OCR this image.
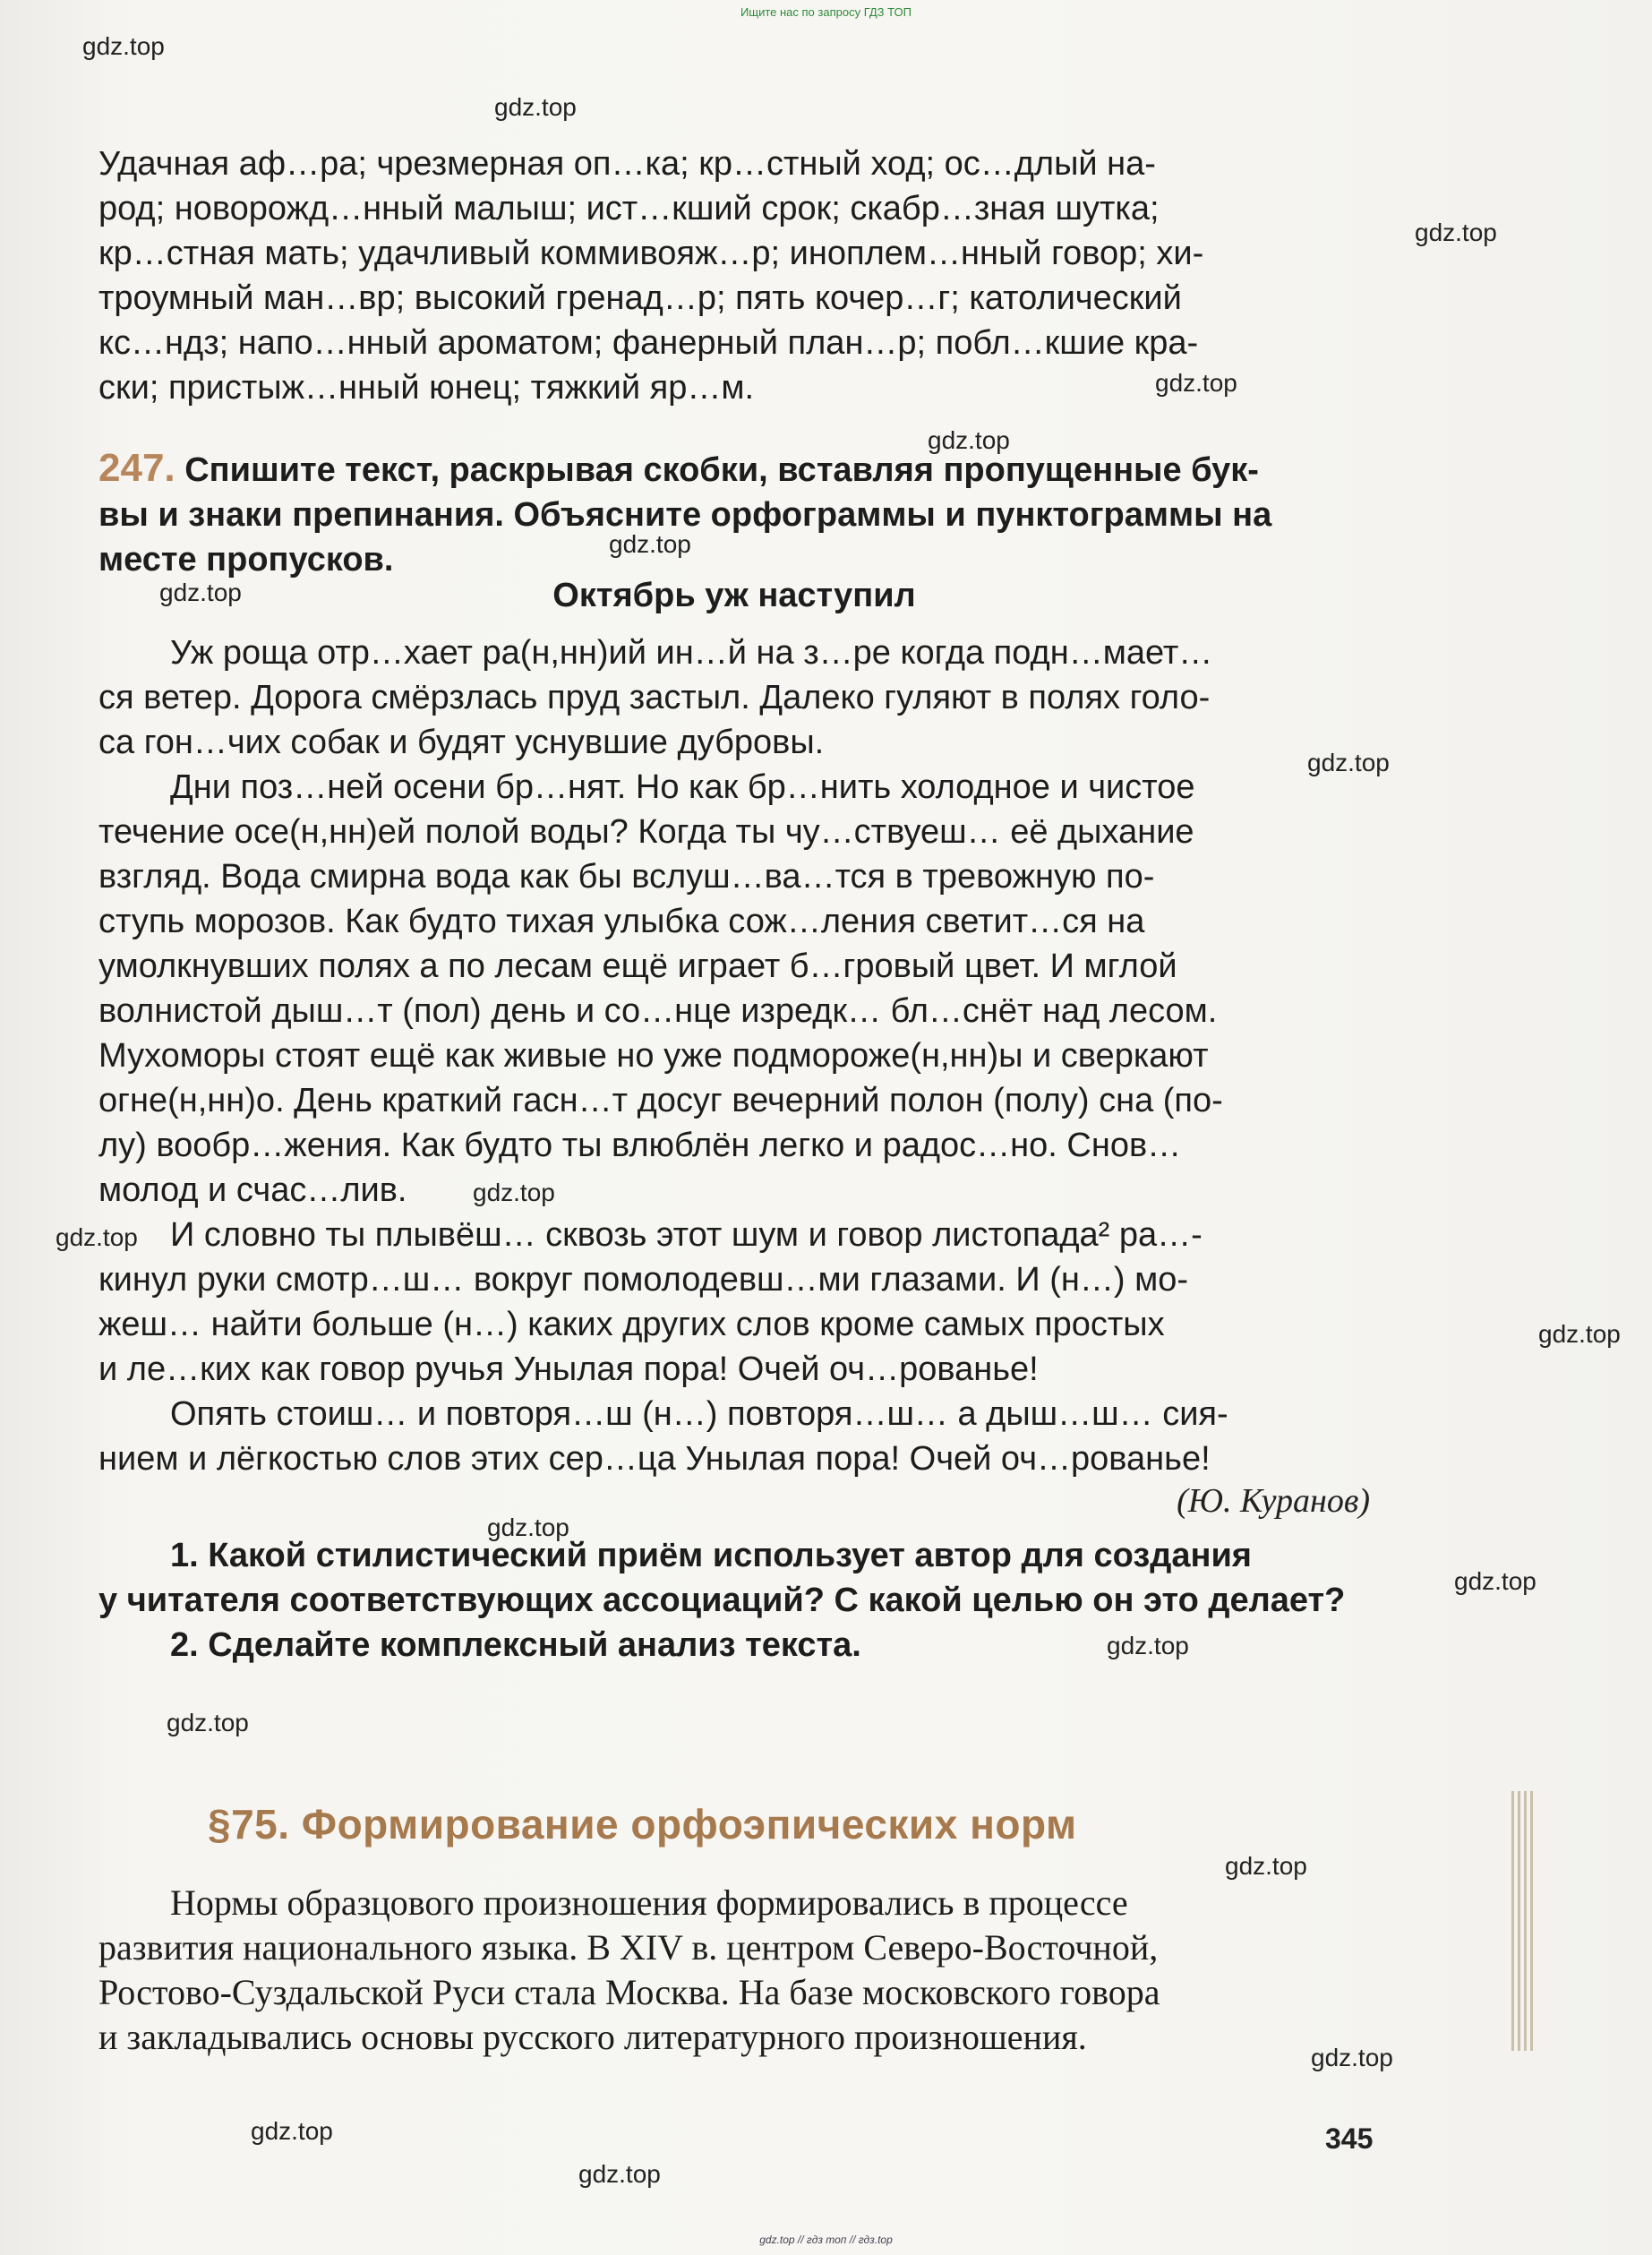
Ищите нас по запросу ГДЗ ТОП
gdz.top
gdz.top
gdz.top
gdz.top
gdz.top
gdz.top
gdz.top
gdz.top
gdz.top
gdz.top
gdz.top
gdz.top
gdz.top
gdz.top
gdz.top
gdz.top
gdz.top
gdz.top
gdz.top
Удачная аф…ра; чрезмерная оп…ка; кр…стный ход; ос…длый на-
род; новорожд…нный малыш; ист…кший срок; скабр…зная шутка;
кр…стная мать; удачливый коммивояж…р; иноплем…нный говор; хи-
троумный ман…вр; высокий гренад…р; пять кочер…г; католический
кс…ндз; напо…нный ароматом; фанерный план…р; побл…кшие кра-
ски; пристыж…нный юнец; тяжкий яр…м.
247. Спишите текст, раскрывая скобки, вставляя пропущенные бук-
вы и знаки препинания. Объясните орфограммы и пунктограммы на
месте пропусков.
Октябрь уж наступил
Уж роща отр…хает ра(н,нн)ий ин…й на з…ре когда подн…мает…
ся ветер. Дорога смёрзлась пруд застыл. Далеко гуляют в полях голо-
са гон…чих собак и будят уснувшие дубровы.
Дни поз…ней осени бр…нят. Но как бр…нить холодное и чистое
течение осе(н,нн)ей полой воды? Когда ты чу…ствуеш… её дыхание
взгляд. Вода смирна вода как бы вслуш…ва…тся в тревожную по-
ступь морозов. Как будто тихая улыбка сож…ления светит…ся на
умолкнувших полях а по лесам ещё играет б…гровый цвет. И мглой
волнистой дыш…т (пол) день и со…нце изредк… бл…снёт над лесом.
Мухоморы стоят ещё как живые но уже подмороже(н,нн)ы и сверкают
огне(н,нн)о. День краткий гасн…т досуг вечерний полон (полу) сна (по-
лу) вообр…жения. Как будто ты влюблён легко и радос…но. Снов…
молод и счас…лив.
И словно ты плывёш… сквозь этот шум и говор листопада² ра…-
кинул руки смотр…ш… вокруг помолодевш…ми глазами. И (н…) мо-
жеш… найти больше (н…) каких других слов кроме самых простых
и ле…ких как говор ручья Унылая пора! Очей оч…рованье!
Опять стоиш… и повторя…ш (н…) повторя…ш… а дыш…ш… сия-
нием и лёгкостью слов этих сер…ца Унылая пора! Очей оч…рованье!
(Ю. Куранов)
1. Какой стилистический приём использует автор для создания
у читателя соответствующих ассоциаций? С какой целью он это делает?
2. Сделайте комплексный анализ текста.
§75. Формирование орфоэпических норм
Нормы образцового произношения формировались в процессе
развития национального языка. В XIV в. центром Северо-Восточной,
Ростово-Суздальской Руси стала Москва. На базе московского говора
и закладывались основы русского литературного произношения.
345
gdz.top // гдз топ // гдз.top
